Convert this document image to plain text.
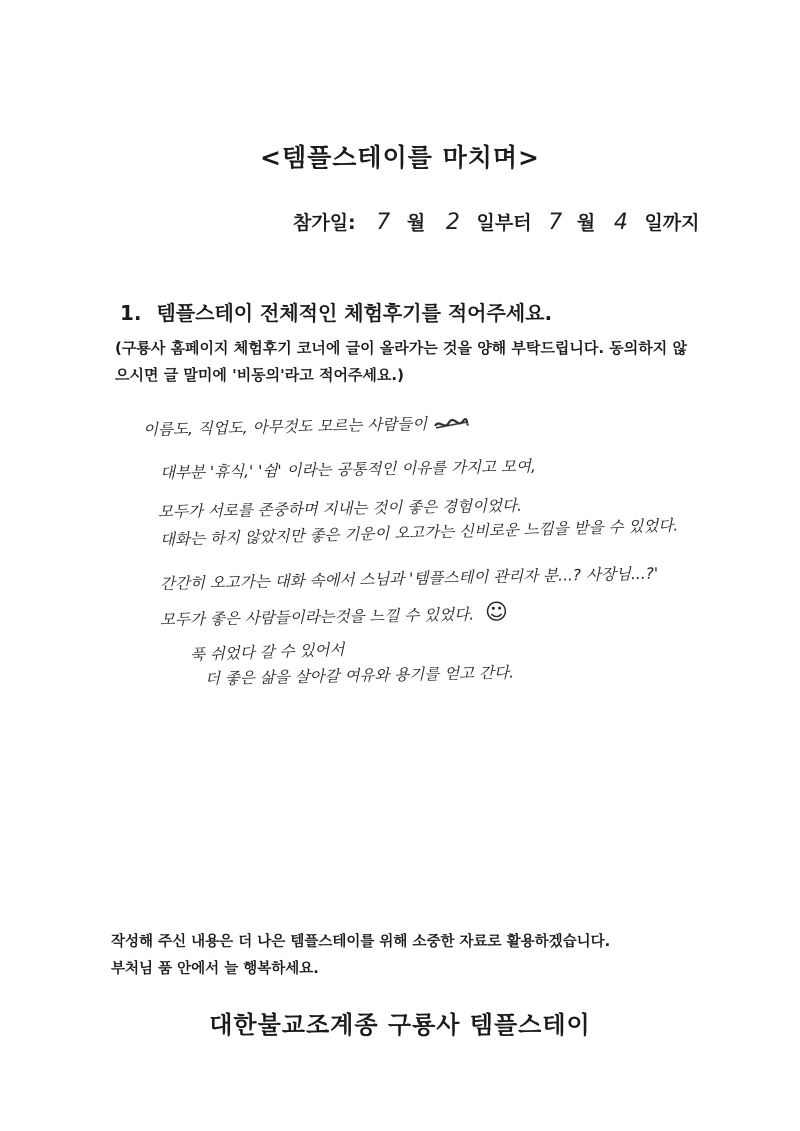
<템플스테이를 마치며>
참가일: 7 월 2 일부터 7 월 4 일까지
1. 템플스테이 전체적인 체험후기를 적어주세요.
(구룡사 홈페이지 체험후기 코너에 글이 올라가는 것을 양해 부탁드립니다. 동의하지 않으시면 글 말미에 '비동의'라고 적어주세요.)
이름도, 직업도, 아무것도 모르는 사람들이
대부분 '휴식,' '쉼' 이라는 공통적인 이유를 가지고 모여,
모두가 서로를 존중하며 지내는 것이 좋은 경험이었다.
대화는 하지 않았지만 좋은 기운이 오고가는 신비로운 느낌을 받을 수 있었다.
간간히 오고가는 대화 속에서 스님과 '템플스테이 관리자 분...? 사장님...?'
모두가 좋은 사람들이라는것을 느낄 수 있었다. ☺
푹 쉬었다 갈 수 있어서
더 좋은 삶을 살아갈 여유와 용기를 얻고 간다.
작성해 주신 내용은 더 나은 템플스테이를 위해 소중한 자료로 활용하겠습니다.
부처님 품 안에서 늘 행복하세요.
대한불교조계종 구룡사 템플스테이
